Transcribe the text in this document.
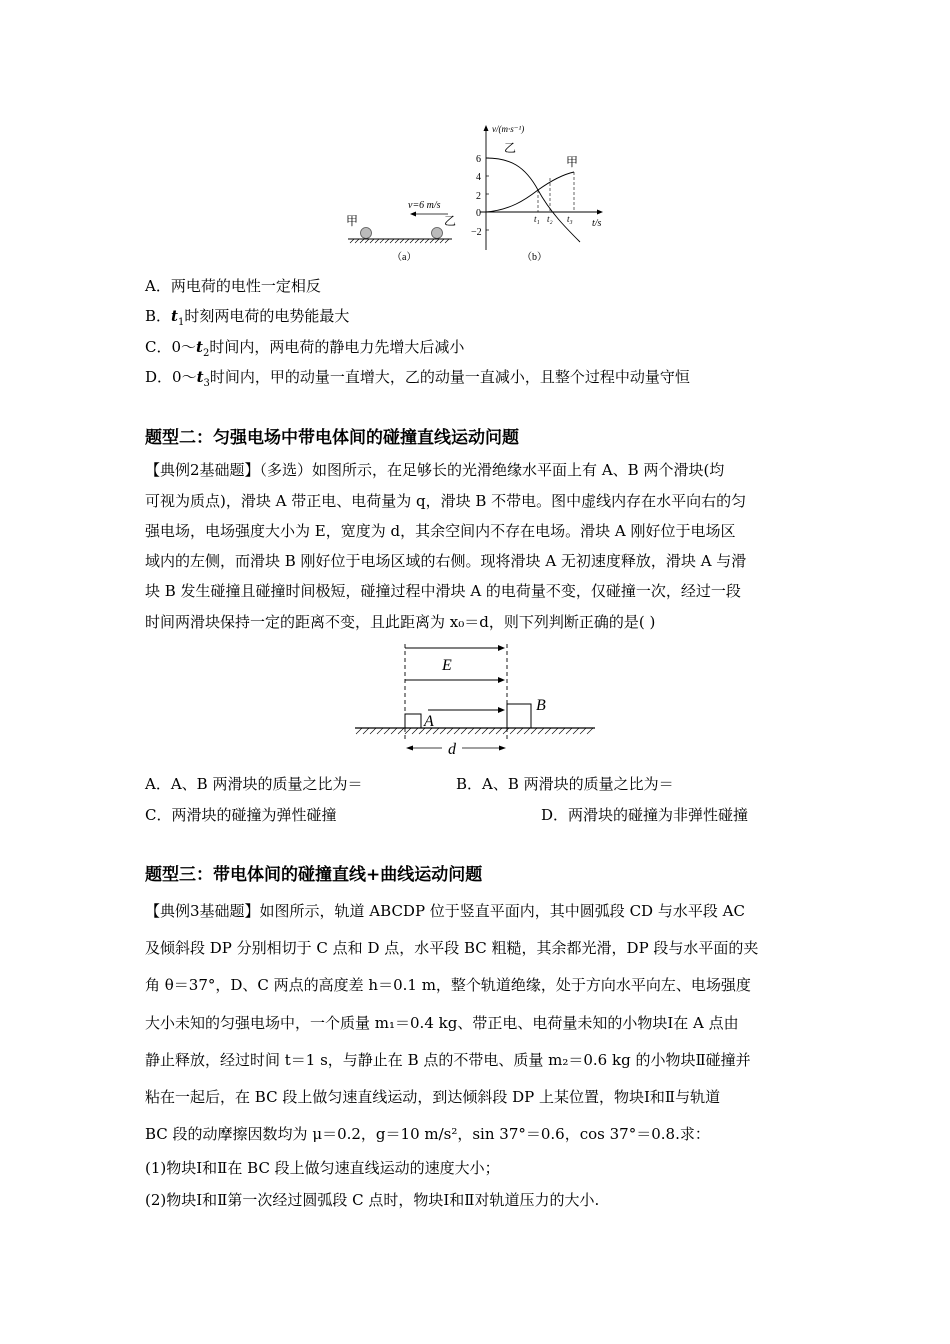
甲	乙
v=6 m/s
（a）
v/(m·s⁻¹)
t/s
6
4
2
0
−2
乙
甲
t₁ t₂ t₃
（b）
A．两电荷的电性一定相反
B．$t_1$时刻两电荷的电势能最大
C．$0\sim t_2$时间内，两电荷的静电力先增大后减小
D．$0\sim t_3$时间内，甲的动量一直增大，乙的动量一直减小，且整个过程中动量守恒
题型二：匀强电场中带电体间的碰撞直线运动问题
【典例2基础题】（多选）如图所示，在足够长的光滑绝缘水平面上有 A、B 两个滑块(均
可视为质点)，滑块 A 带正电、电荷量为 q，滑块 B 不带电。图中虚线内存在水平向右的匀
强电场，电场强度大小为 E，宽度为 d，其余空间内不存在电场。滑块 A 刚好位于电场区
域内的左侧，而滑块 B 刚好位于电场区域的右侧。现将滑块 A 无初速度释放，滑块 A 与滑
块 B 发生碰撞且碰撞时间极短，碰撞过程中滑块 A 的电荷量不变，仅碰撞一次，经过一段
时间两滑块保持一定的距离不变，且此距离为 x₀＝d，则下列判断正确的是( )
E
A
B
d
A．A、B 两滑块的质量之比为＝	B．A、B 两滑块的质量之比为＝
C．两滑块的碰撞为弹性碰撞	D．两滑块的碰撞为非弹性碰撞
题型三：带电体间的碰撞直线+曲线运动问题
【典例3基础题】如图所示，轨道 ABCDP 位于竖直平面内，其中圆弧段 CD 与水平段 AC
及倾斜段 DP 分别相切于 C 点和 D 点，水平段 BC 粗糙，其余都光滑，DP 段与水平面的夹
角 θ＝37°，D、C 两点的高度差 h＝0.1 m，整个轨道绝缘，处于方向水平向左、电场强度
大小未知的匀强电场中，一个质量 m₁＝0.4 kg、带正电、电荷量未知的小物块Ⅰ在 A 点由
静止释放，经过时间 t＝1 s，与静止在 B 点的不带电、质量 m₂＝0.6 kg 的小物块Ⅱ碰撞并
粘在一起后，在 BC 段上做匀速直线运动，到达倾斜段 DP 上某位置，物块Ⅰ和Ⅱ与轨道
BC 段的动摩擦因数均为 μ＝0.2，g＝10 m/s²，sin 37°＝0.6，cos 37°＝0.8.求：
(1)物块Ⅰ和Ⅱ在 BC 段上做匀速直线运动的速度大小；
(2)物块Ⅰ和Ⅱ第一次经过圆弧段 C 点时，物块Ⅰ和Ⅱ对轨道压力的大小.
